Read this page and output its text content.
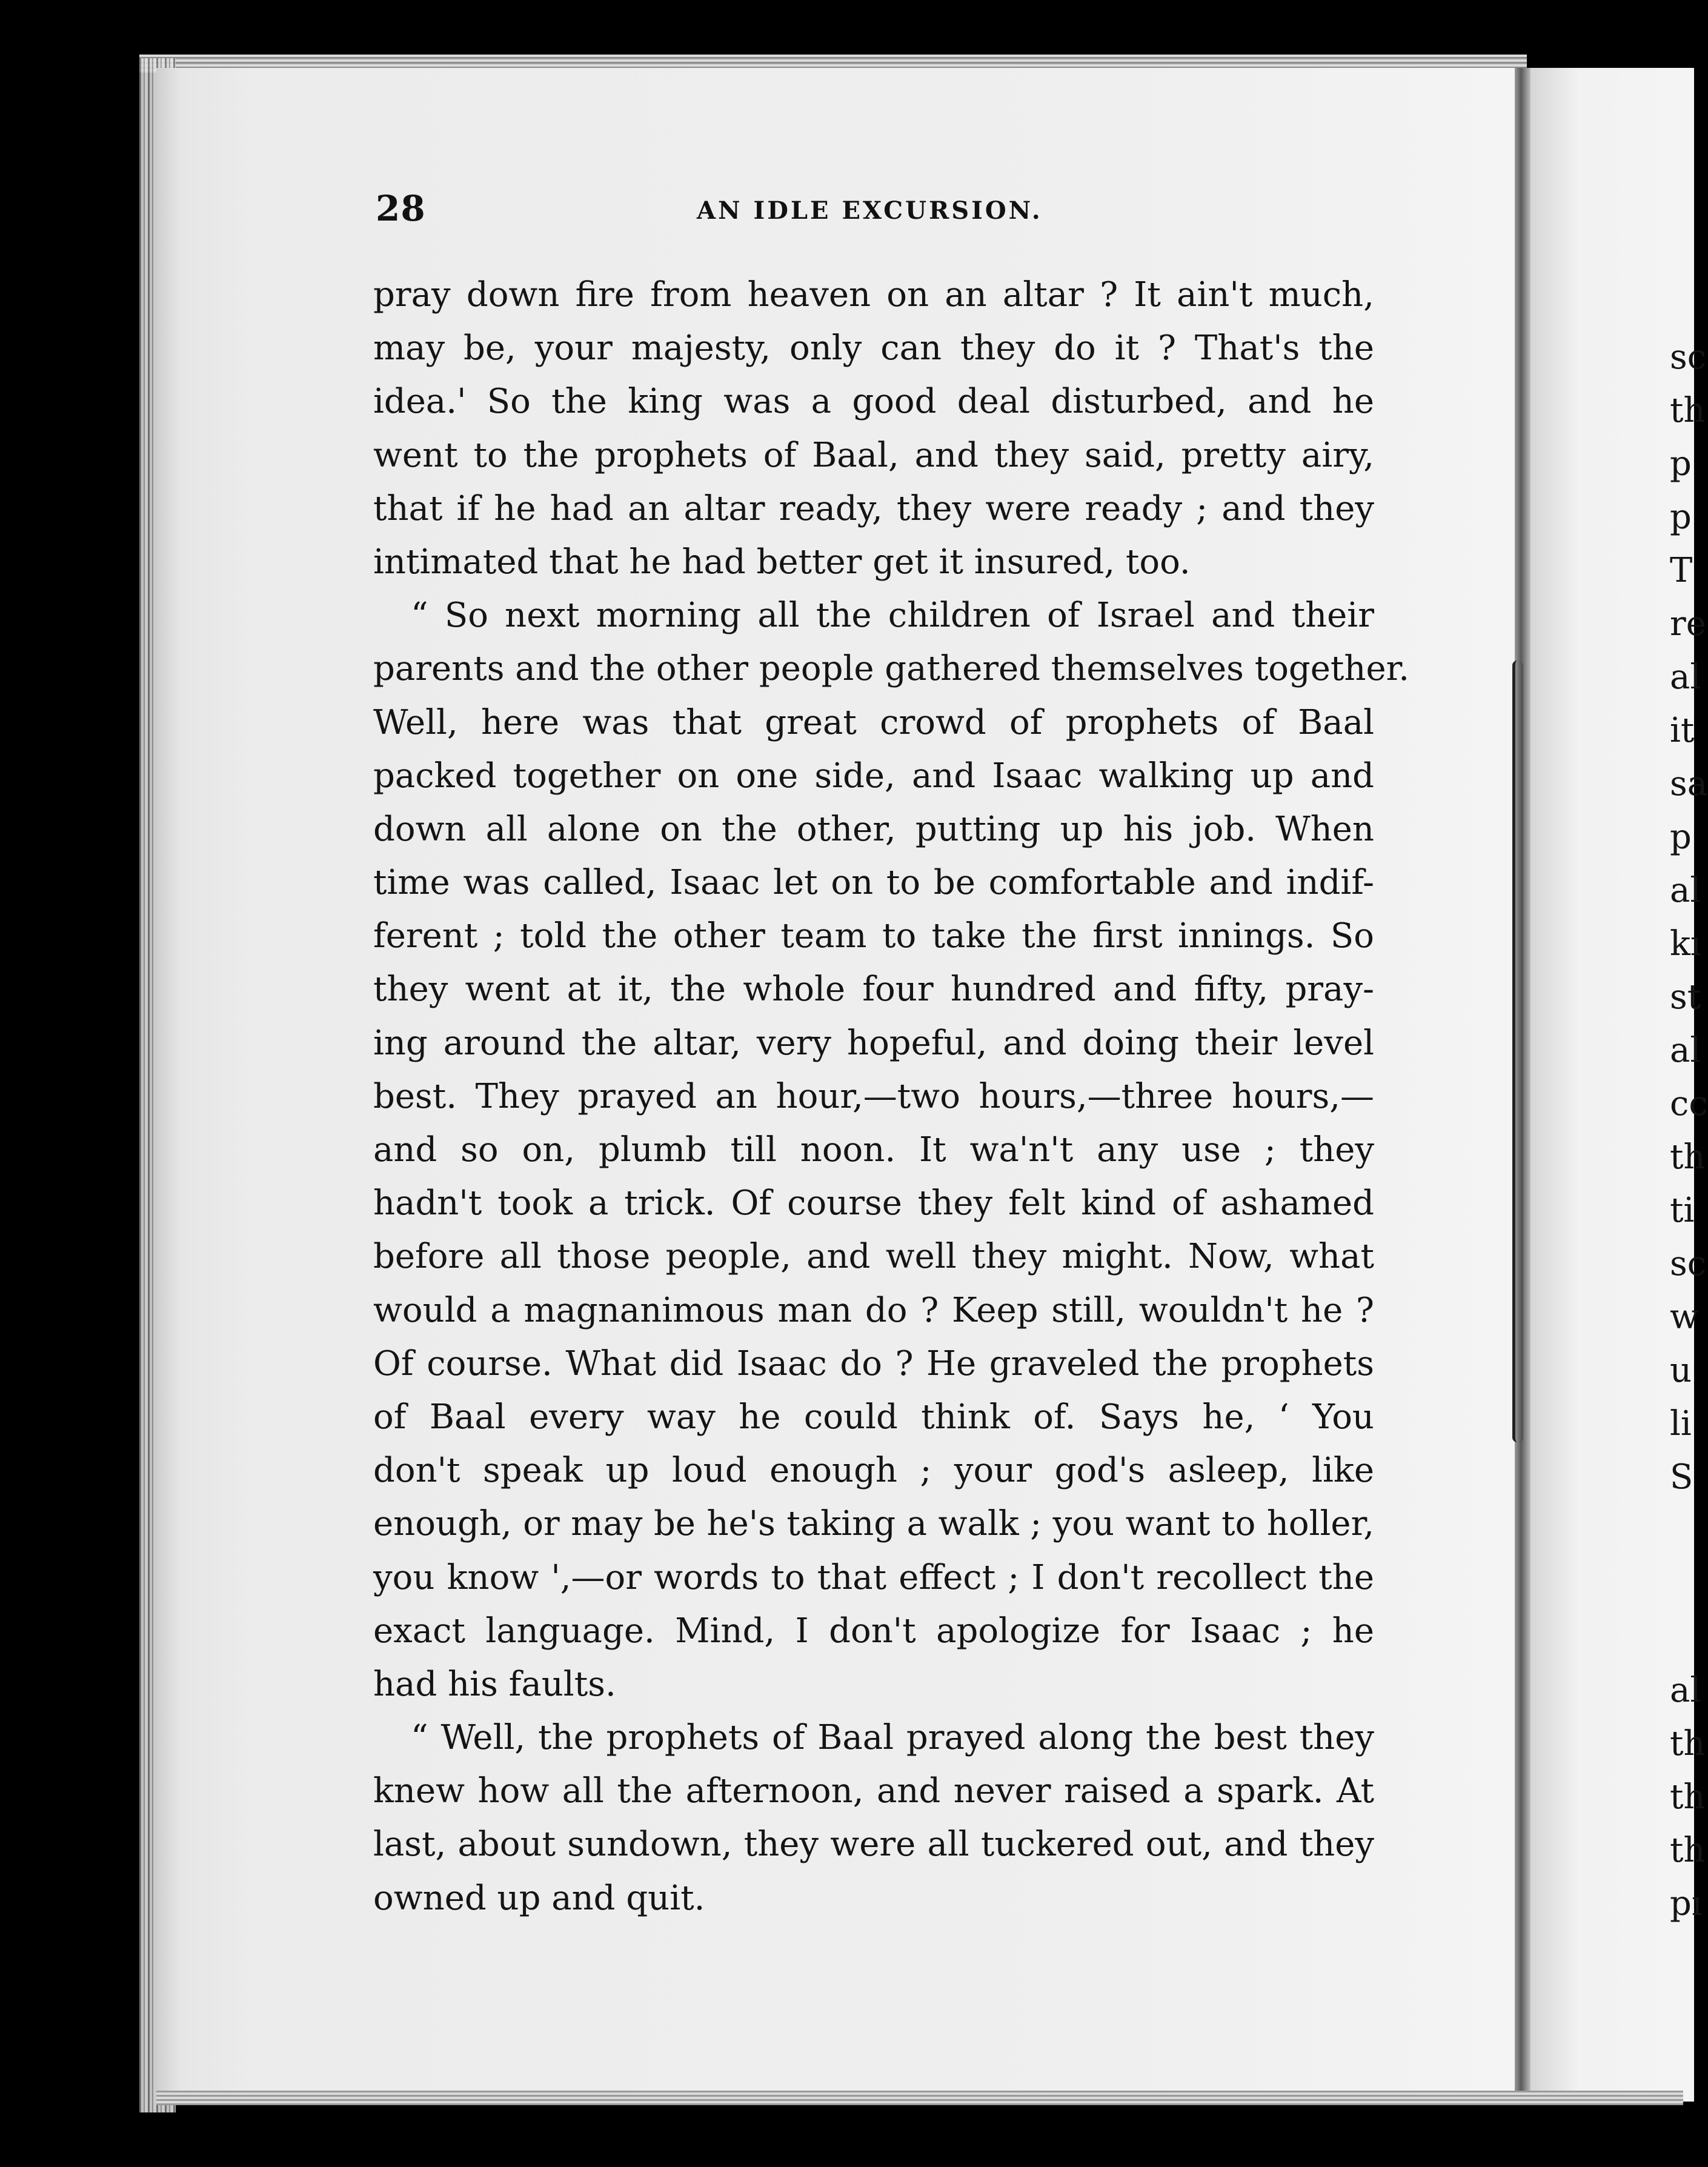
28	AN IDLE EXCURSION.
pray down fire from heaven on an altar ? It ain't much,
may be, your majesty, only can they do it ? That's the
idea.' So the king was a good deal disturbed, and he
went to the prophets of Baal, and they said, pretty airy,
that if he had an altar ready, they were ready ; and they
intimated that he had better get it insured, too.
“ So next morning all the children of Israel and their
parents and the other people gathered themselves together.
Well, here was that great crowd of prophets of Baal
packed together on one side, and Isaac walking up and
down all alone on the other, putting up his job. When
time was called, Isaac let on to be comfortable and indif-
ferent ; told the other team to take the first innings. So
they went at it, the whole four hundred and fifty, pray-
ing around the altar, very hopeful, and doing their level
best. They prayed an hour,—two hours,—three hours,—
and so on, plumb till noon. It wa'n't any use ; they
hadn't took a trick. Of course they felt kind of ashamed
before all those people, and well they might. Now, what
would a magnanimous man do ? Keep still, wouldn't he ?
Of course. What did Isaac do ? He graveled the prophets
of Baal every way he could think of. Says he, ‘ You
don't speak up loud enough ; your god's asleep, like
enough, or may be he's taking a walk ; you want to holler,
you know ',—or words to that effect ; I don't recollect the
exact language. Mind, I don't apologize for Isaac ; he
had his faults.
“ Well, the prophets of Baal prayed along the best they
knew how all the afternoon, and never raised a spark. At
last, about sundown, they were all tuckered out, and they
owned up and quit.
sc
th
p
p
T
re
al
it
sa
p
al
kı
st
al
cc
th
ti
sc
w
u
li
S
al
th
th
th
pı
